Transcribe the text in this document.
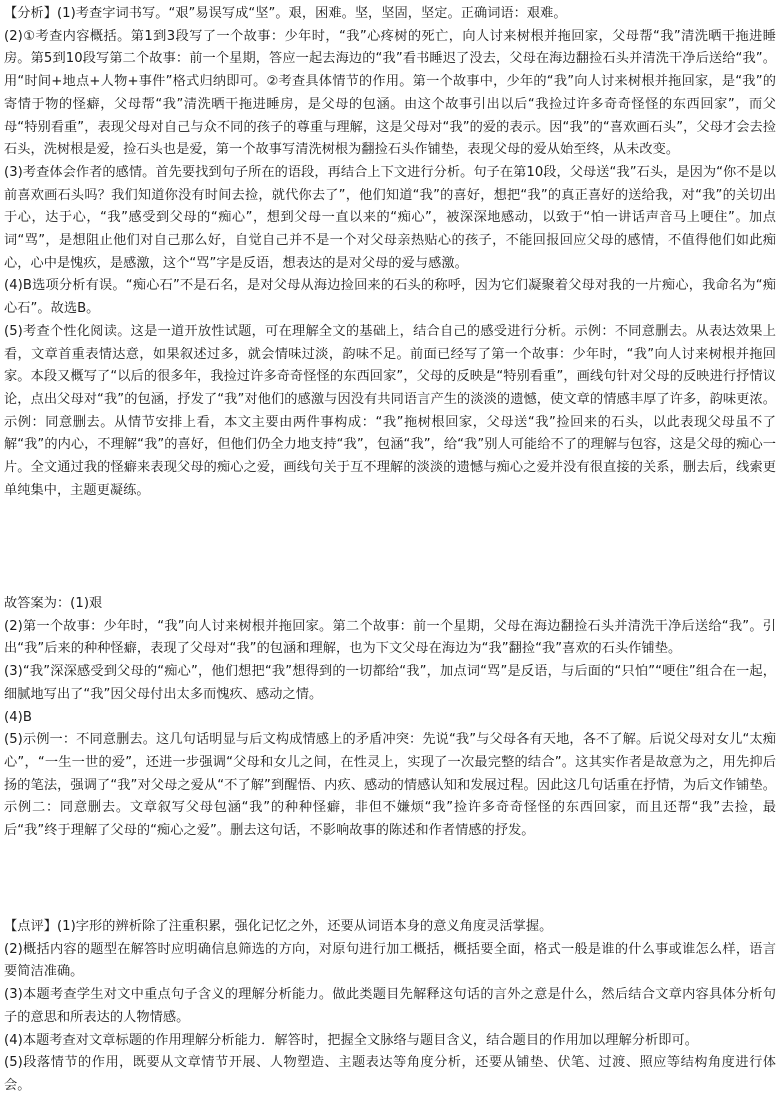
【分析】(1)考查字词书写。“艰”易误写成“坚”。艰，困难。坚，坚固，坚定。正确词语：艰难。

(2)①考查内容概括。第1到3段写了一个故事：少年时，“我”心疼树的死亡，向人讨来树根并拖回家，父母帮“我”清洗晒干拖进睡房。第5到10段写第二个故事：前一个星期，答应一起去海边的“我”看书睡迟了没去，父母在海边翻捡石头并清洗干净后送给“我”。用“时间+地点+人物+事件”格式归纳即可。②考查具体情节的作用。第一个故事中，少年的“我”向人讨来树根并拖回家，是“我”的寄情于物的怪癖，父母帮“我”清洗晒干拖进睡房，是父母的包涵。由这个故事引出以后“我捡过许多奇奇怪怪的东西回家”，而父母“特别看重”，表现父母对自己与众不同的孩子的尊重与理解，这是父母对“我”的爱的表示。因“我”的“喜欢画石头”，父母才会去捡石头，洗树根是爱，捡石头也是爱，第一个故事写清洗树根为翻捡石头作铺垫，表现父母的爱从始至终，从未改变。

(3)考查体会作者的感情。首先要找到句子所在的语段，再结合上下文进行分析。句子在第10段，父母送“我”石头，是因为“你不是以前喜欢画石头吗？我们知道你没有时间去捡，就代你去了”，他们知道“我”的喜好，想把“我”的真正喜好的送给我，对“我”的关切出于心，达于心，“我”感受到父母的“痴心”，想到父母一直以来的“痴心”，被深深地感动，以致于“怕一讲话声音马上哽住”。加点词“骂”，是想阻止他们对自己那么好，自觉自己并不是一个对父母亲热贴心的孩子，不能回报回应父母的感情，不值得他们如此痴心，心中是愧疚，是感激，这个“骂”字是反语，想表达的是对父母的爱与感激。

(4)B选项分析有误。“痴心石”不是石名，是对父母从海边捡回来的石头的称呼，因为它们凝聚着父母对我的一片痴心，我命名为“痴心石”。故选B。

(5)考查个性化阅读。这是一道开放性试题，可在理解全文的基础上，结合自己的感受进行分析。示例：不同意删去。从表达效果上看，文章首重表情达意，如果叙述过多，就会情味过淡，韵味不足。前面已经写了第一个故事：少年时，“我”向人讨来树根并拖回家。本段又概写了“以后的很多年，我捡过许多奇奇怪怪的东西回家”，父母的反映是“特别看重”，画线句针对父母的反映进行抒情议论，点出父母对“我”的包涵，抒发了“我”对他们的感激与因没有共同语言产生的淡淡的遗憾，使文章的情感丰厚了许多，韵味更浓。示例：同意删去。从情节安排上看，本文主要由两件事构成：“我”拖树根回家，父母送“我”捡回来的石头，以此表现父母虽不了解“我”的内心，不理解“我”的喜好，但他们仍全力地支持“我”，包涵“我”，给“我”别人可能给不了的理解与包容，这是父母的痴心一片。全文通过我的怪癖来表现父母的痴心之爱，画线句关于互不理解的淡淡的遗憾与痴心之爱并没有很直接的关系，删去后，线索更单纯集中，主题更凝练。

故答案为：(1)艰

(2)第一个故事：少年时，“我”向人讨来树根并拖回家。第二个故事：前一个星期，父母在海边翻捡石头并清洗干净后送给“我”。引出“我”后来的种种怪癖，表现了父母对“我”的包涵和理解，也为下文父母在海边为“我”翻捡“我”喜欢的石头作铺垫。

(3)“我”深深感受到父母的“痴心”，他们想把“我”想得到的一切都给“我”，加点词“骂”是反语，与后面的“只怕”“哽住”组合在一起，细腻地写出了“我”因父母付出太多而愧疚、感动之情。

(4)B

(5)示例一：不同意删去。这几句话明显与后文构成情感上的矛盾冲突：先说“我”与父母各有天地，各不了解。后说父母对女儿“太痴心”，“一生一世的爱”，还进一步强调“父母和女儿之间，在性灵上，实现了一次最完整的结合”。这其实作者是故意为之，用先抑后扬的笔法，强调了“我”对父母之爱从“不了解”到醒悟、内疚、感动的情感认知和发展过程。因此这几句话重在抒情，为后文作铺垫。示例二：同意删去。文章叙写父母包涵“我”的种种怪癖，非但不嫌烦“我”捡许多奇奇怪怪的东西回家，而且还帮“我”去捡，最后“我”终于理解了父母的“痴心之爱”。删去这句话，不影响故事的陈述和作者情感的抒发。

【点评】(1)字形的辨析除了注重积累，强化记忆之外，还要从词语本身的意义角度灵活掌握。

(2)概括内容的题型在解答时应明确信息筛选的方向，对原句进行加工概括，概括要全面，格式一般是谁的什么事或谁怎么样，语言要简洁准确。

(3)本题考查学生对文中重点句子含义的理解分析能力。做此类题目先解释这句话的言外之意是什么，然后结合文章内容具体分析句子的意思和所表达的人物情感。

(4)本题考查对文章标题的作用理解分析能力．解答时，把握全文脉络与题目含义，结合题目的作用加以理解分析即可。

(5)段落情节的作用，既要从文章情节开展、人物塑造、主题表达等角度分析，还要从铺垫、伏笔、过渡、照应等结构角度进行体会。
